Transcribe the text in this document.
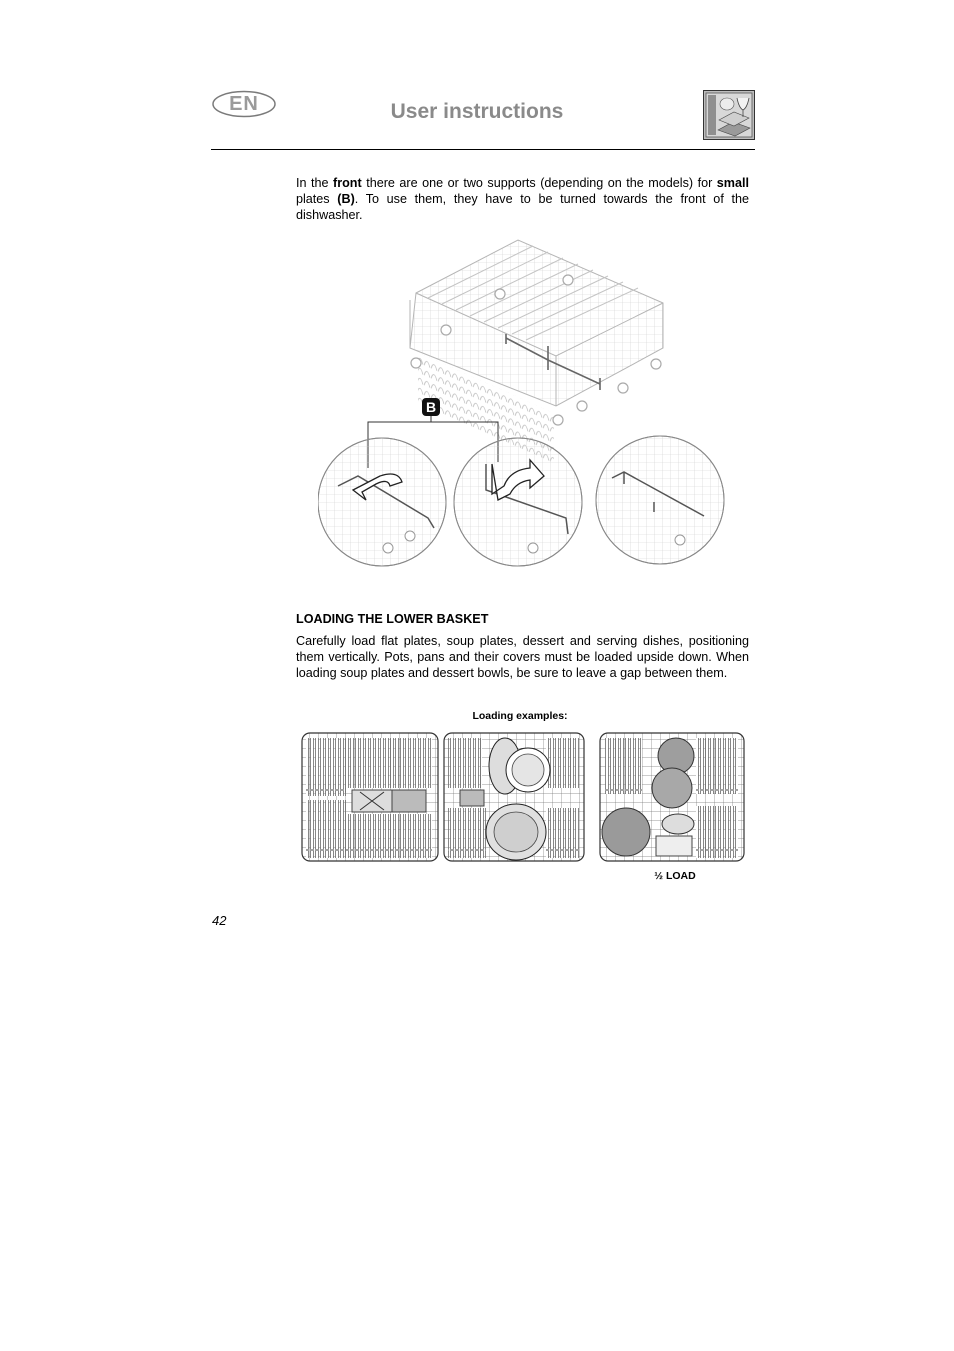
EN	User instructions
In the front there are one or two supports (depending on the models) for small plates (B). To use them, they have to be turned towards the front of the dishwasher.
B
LOADING THE LOWER BASKET
Carefully load flat plates, soup plates, dessert and serving dishes, positioning them vertically. Pots, pans and their covers must be loaded upside down. When loading soup plates and dessert bowls, be sure to leave a gap between them.
Loading examples:
½ LOAD
42
